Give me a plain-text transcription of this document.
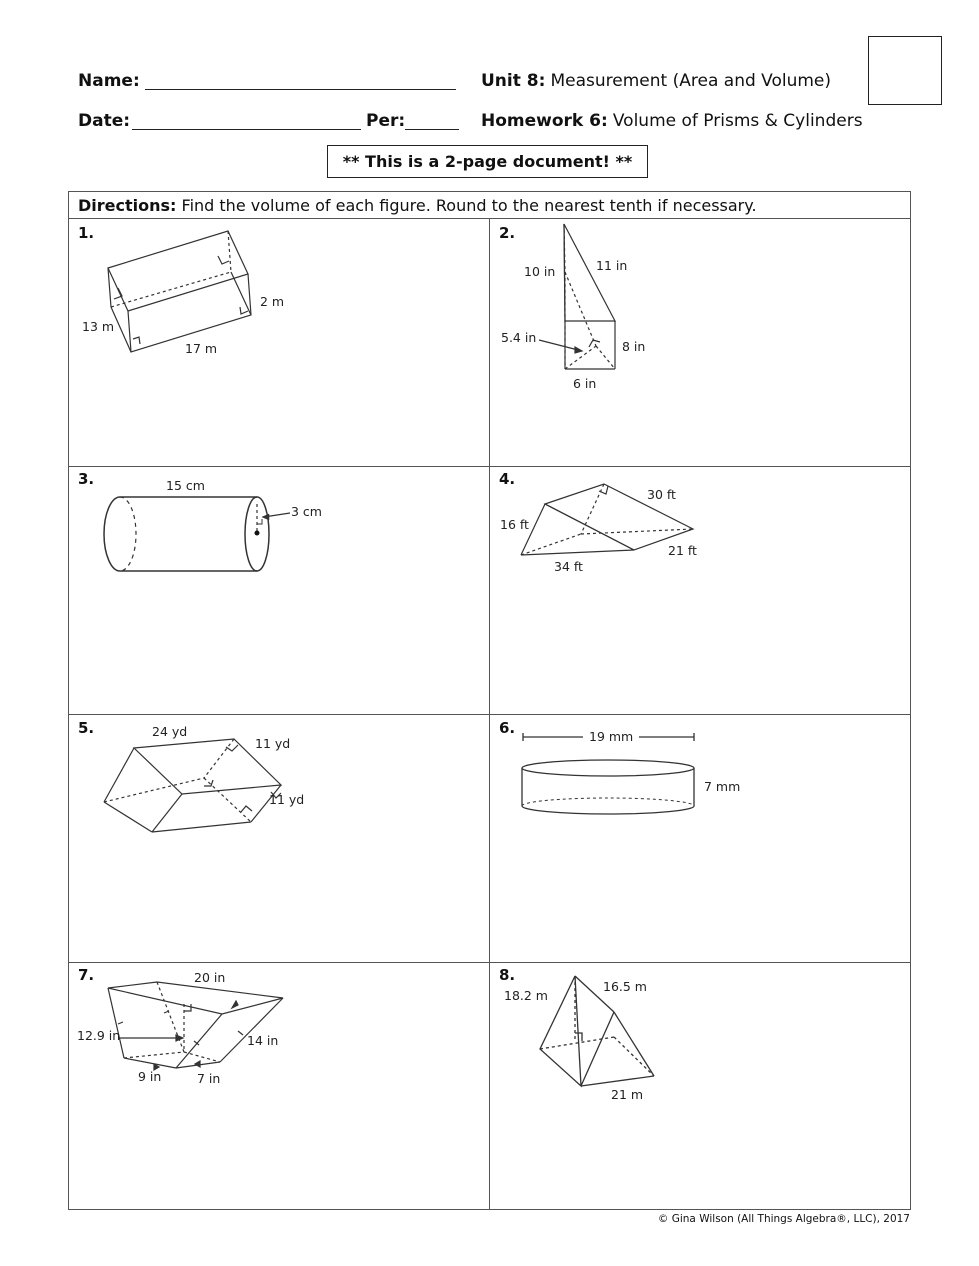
Name:
Date:	Per:
Unit 8: Measurement (Area and Volume)
Homework 6: Volume of Prisms & Cylinders
** This is a 2-page document! **
Directions: Find the volume of each figure. Round to the nearest tenth if necessary.
1.	2.
3.	4.
5.	6.
7.	8.
2 m
13 m
17 m
10 in	11 in
5.4 in
8 in
6 in
15 cm
3 cm
30 ft
16 ft
21 ft
34 ft
24 yd
11 yd
11 yd
19 mm
7 mm
20 in
12.9 in	14 in
9 in	7 in
18.2 m
16.5 m
21 m
© Gina Wilson (All Things Algebra®, LLC), 2017
